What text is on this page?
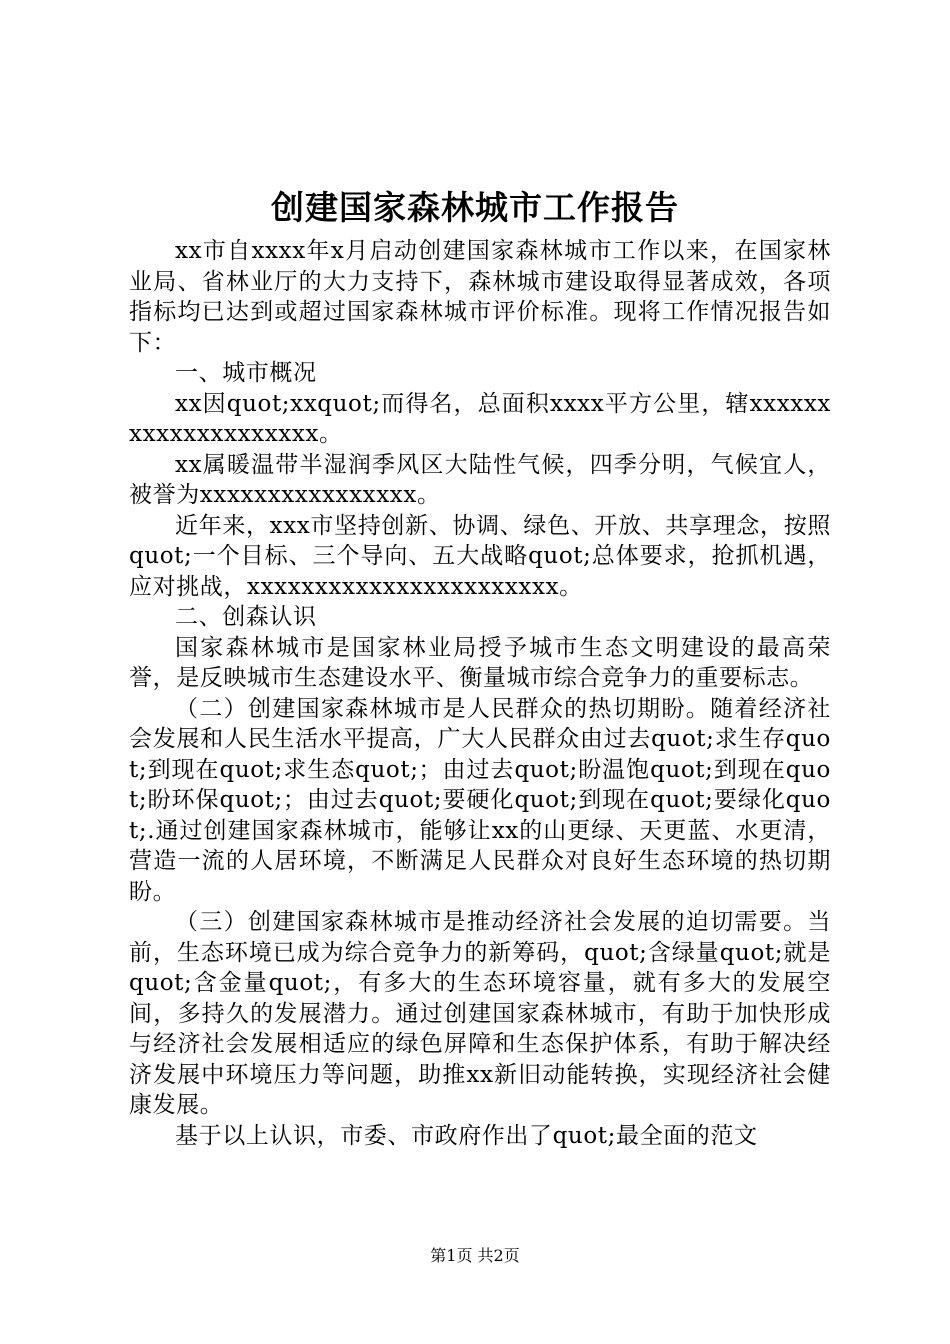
创建国家森林城市工作报告

xx市自xxxx年x月启动创建国家森林城市工作以来，在国家林业局、省林业厅的大力支持下，森林城市建设取得显著成效，各项指标均已达到或超过国家森林城市评价标准。现将工作情况报告如下：

一、城市概况

xx因quot;xxquot;而得名，总面积xxxx平方公里，辖xxxxxxxxxxxxxxxxxxxx。

xx属暖温带半湿润季风区大陆性气候，四季分明，气候宜人，被誉为xxxxxxxxxxxxxxxx。

近年来，xxx市坚持创新、协调、绿色、开放、共享理念，按照quot;一个目标、三个导向、五大战略quot;总体要求，抢抓机遇，应对挑战，xxxxxxxxxxxxxxxxxxxxxxx。

二、创森认识

国家森林城市是国家林业局授予城市生态文明建设的最高荣誉，是反映城市生态建设水平、衡量城市综合竞争力的重要标志。

（二）创建国家森林城市是人民群众的热切期盼。随着经济社会发展和人民生活水平提高，广大人民群众由过去quot;求生存quot;到现在quot;求生态quot;；由过去quot;盼温饱quot;到现在quot;盼环保quot;；由过去quot;要硬化quot;到现在quot;要绿化quot;.通过创建国家森林城市，能够让xx的山更绿、天更蓝、水更清，营造一流的人居环境，不断满足人民群众对良好生态环境的热切期盼。

（三）创建国家森林城市是推动经济社会发展的迫切需要。当前，生态环境已成为综合竞争力的新筹码，quot;含绿量quot;就是quot;含金量quot;，有多大的生态环境容量，就有多大的发展空间，多持久的发展潜力。通过创建国家森林城市，有助于加快形成与经济社会发展相适应的绿色屏障和生态保护体系，有助于解决经济发展中环境压力等问题，助推xx新旧动能转换，实现经济社会健康发展。

基于以上认识，市委、市政府作出了quot;最全面的范文

第1页 共2页
